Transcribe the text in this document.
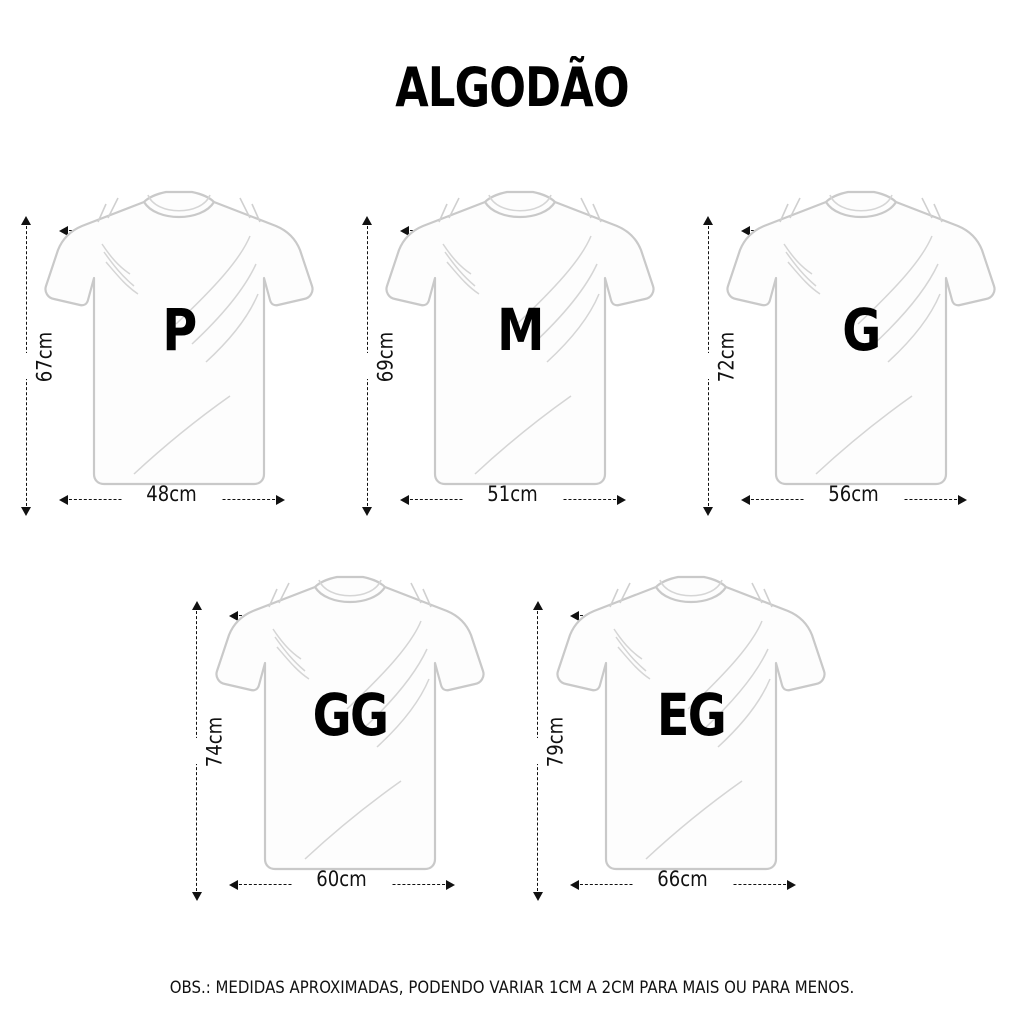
ALGODÃO
67cm	P
48cm
69cm	M
51cm
72cm	G
56cm
74cm	GG
60cm
79cm	EG
66cm
OBS.: MEDIDAS APROXIMADAS, PODENDO VARIAR 1CM A 2CM PARA MAIS OU PARA MENOS.
